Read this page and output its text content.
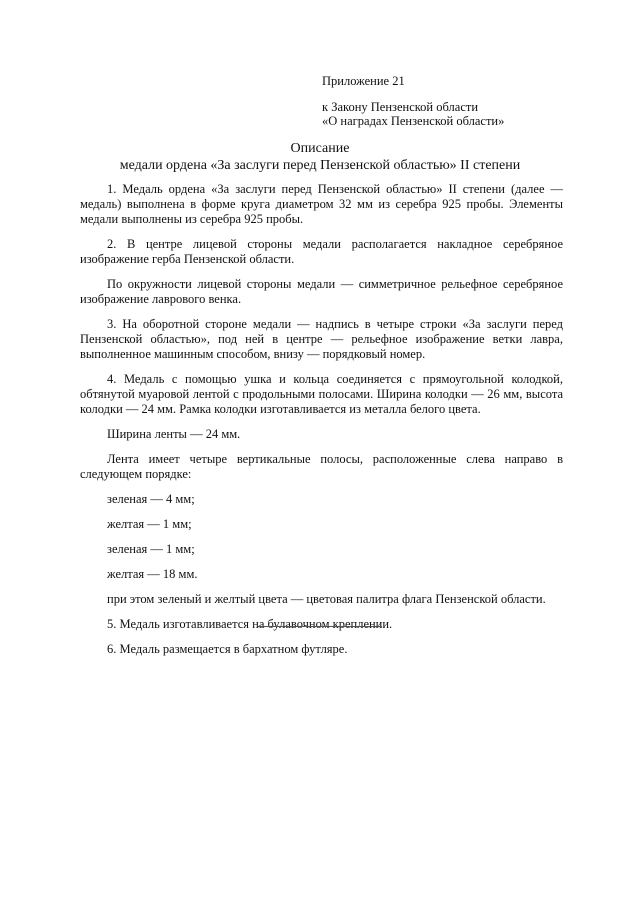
Приложение 21
к Закону Пензенской области
«О наградах Пензенской области»
Описание
медали ордена «За заслуги перед Пензенской областью» II степени

1. Медаль ордена «За заслуги перед Пензенской областью» II степени (далее — медаль) выполнена в форме круга диаметром 32 мм из серебра 925 пробы. Элементы медали выполнены из серебра 925 пробы.

2. В центре лицевой стороны медали располагается накладное серебряное изображение герба Пензенской области.

По окружности лицевой стороны медали — симметричное рельефное серебряное изображение лаврового венка.

3. На оборотной стороне медали — надпись в четыре строки «За заслуги перед Пензенской областью», под ней в центре — рельефное изображение ветки лавра, выполненное машинным способом, внизу — порядковый номер.

4. Медаль с помощью ушка и кольца соединяется с прямоугольной колодкой, обтянутой муаровой лентой с продольными полосами. Ширина колодки — 26 мм, высота колодки — 24 мм. Рамка колодки изготавливается из металла белого цвета.

Ширина ленты — 24 мм.

Лента имеет четыре вертикальные полосы, расположенные слева направо в следующем порядке:

зеленая — 4 мм;

желтая — 1 мм;

зеленая — 1 мм;

желтая — 18 мм.

при этом зеленый и желтый цвета — цветовая палитра флага Пензенской области.

5. Медаль изготавливается на булавочном креплении.

6. Медаль размещается в бархатном футляре.
